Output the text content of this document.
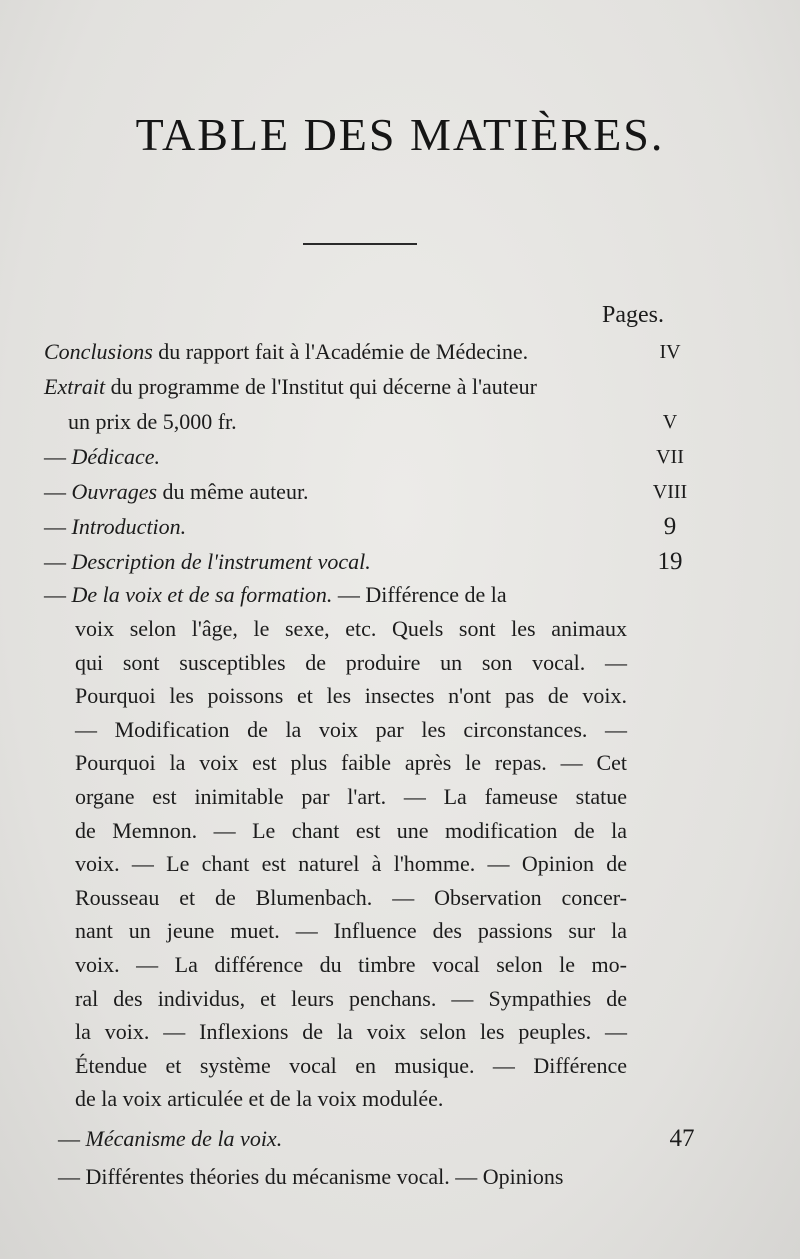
TABLE DES MATIÈRES.
Pages.
Conclusions du rapport fait à l'Académie de Médecine.	IV
Extrait du programme de l'Institut qui décerne à l'auteur
un prix de 5,000 fr.	V
— Dédicace.	VII
— Ouvrages du même auteur.	VIII
— Introduction.	9
— Description de l'instrument vocal.	19
— De la voix et de sa formation. — Différence de la
voix selon l'âge, le sexe, etc. Quels sont les animaux
qui sont susceptibles de produire un son vocal. —
Pourquoi les poissons et les insectes n'ont pas de voix.
— Modification de la voix par les circonstances. —
Pourquoi la voix est plus faible après le repas. — Cet
organe est inimitable par l'art. — La fameuse statue
de Memnon. — Le chant est une modification de la
voix. — Le chant est naturel à l'homme. — Opinion de
Rousseau et de Blumenbach. — Observation concer-
nant un jeune muet. — Influence des passions sur la
voix. — La différence du timbre vocal selon le mo-
ral des individus, et leurs penchans. — Sympathies de
la voix. — Inflexions de la voix selon les peuples. —
Étendue et système vocal en musique. — Différence
de la voix articulée et de la voix modulée.
— Mécanisme de la voix.	47
— Différentes théories du mécanisme vocal. — Opinions
